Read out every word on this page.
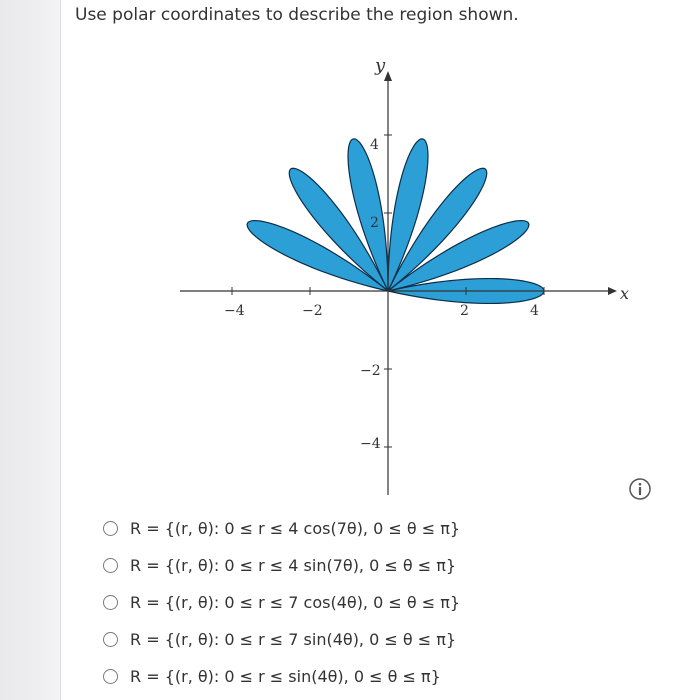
Use polar coordinates to describe the region shown.
−4	−2	2	4
4
2
−2
−4
x
y
R = {(r, θ): 0 ≤ r ≤ 4 cos(7θ), 0 ≤ θ ≤ π}
R = {(r, θ): 0 ≤ r ≤ 4 sin(7θ), 0 ≤ θ ≤ π}
R = {(r, θ): 0 ≤ r ≤ 7 cos(4θ), 0 ≤ θ ≤ π}
R = {(r, θ): 0 ≤ r ≤ 7 sin(4θ), 0 ≤ θ ≤ π}
R = {(r, θ): 0 ≤ r ≤ sin(4θ), 0 ≤ θ ≤ π}
